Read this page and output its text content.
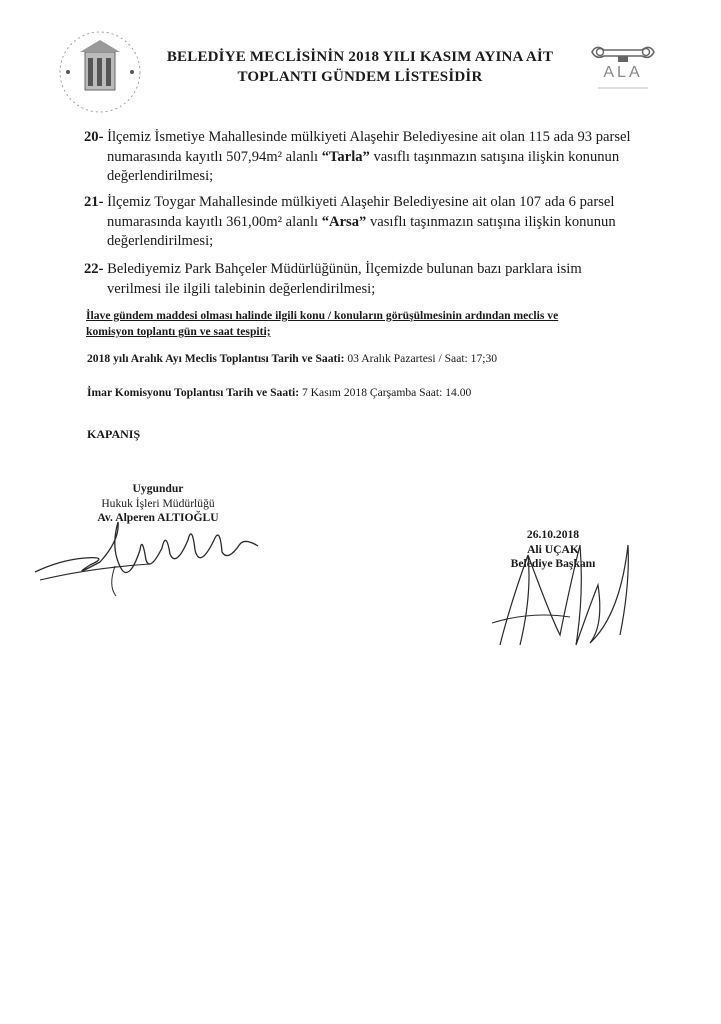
ALA
BELEDİYE MECLİSİNİN 2018 YILI KASIM AYINA AİT
TOPLANTI GÜNDEM LİSTESİDİR
20- İlçemiz İsmetiye Mahallesinde mülkiyeti Alaşehir Belediyesine ait olan 115 ada 93 parsel
numarasında kayıtlı 507,94m² alanlı “Tarla” vasıflı taşınmazın satışına ilişkin konunun
değerlendirilmesi;
21- İlçemiz Toygar Mahallesinde mülkiyeti Alaşehir Belediyesine ait olan 107 ada 6 parsel
numarasında kayıtlı 361,00m² alanlı “Arsa” vasıflı taşınmazın satışına ilişkin konunun
değerlendirilmesi;
22- Belediyemiz Park Bahçeler Müdürlüğünün, İlçemizde bulunan bazı parklara isim
verilmesi ile ilgili talebinin değerlendirilmesi;
İlave gündem maddesi olması halinde ilgili konu / konuların görüşülmesinin ardından meclis ve
komisyon toplantı gün ve saat tespiti;
2018 yılı Aralık Ayı Meclis Toplantısı Tarih ve Saati: 03 Aralık Pazartesi / Saat: 17;30
İmar Komisyonu Toplantısı Tarih ve Saati: 7 Kasım 2018 Çarşamba Saat: 14.00
KAPANIŞ
Uygundur
Hukuk İşleri Müdürlüğü
Av. Alperen ALTIOĞLU
26.10.2018
Ali UÇAK
Belediye Başkanı
